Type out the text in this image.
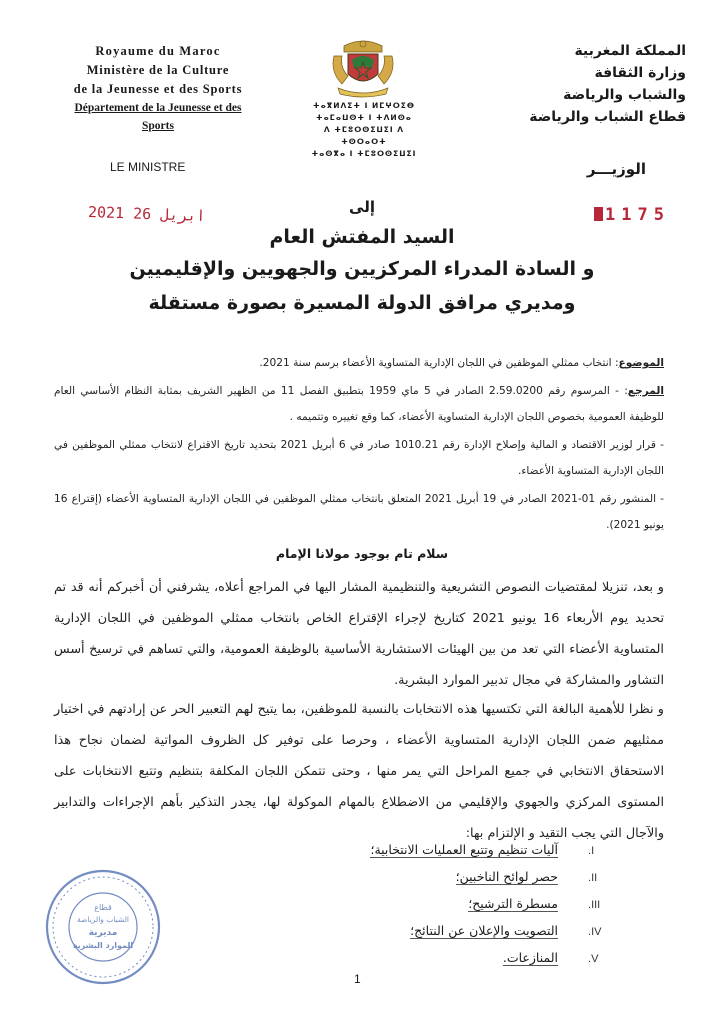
Royaume du Maroc
Ministère de la Culture
de la Jeunesse et des Sports
Département de la Jeunesse et des Sports
ⵜⴰⴳⵍⴷⵉⵜ ⵏ ⵍⵎⵖⵔⵉⴱ
ⵜⴰⵎⴰⵡⵙⵜ ⵏ ⵜⴷⵍⵙⴰ
ⴷ ⵜⵎⵓⵔⵙⵉⵡⵉⵏ ⴷ ⵜⵙⵔⴰⵔⵜ
ⵜⴰⵙⴳⴰ ⵏ ⵜⵎⵓⵔⵙⵉⵡⵉⵏ
المملكة المغربية
وزارة الثقافة
والشباب والرياضة
قطاع الشباب والرياضة
LE MINISTRE	الوزيـــر
2021 ابريل 26	1175
إلى
السيد المفتش العام
و السادة المدراء المركزيين والجهويين والإقليميين
ومديري مرافق الدولة المسيرة بصورة مستقلة
الموضوع: انتخاب ممثلي الموظفين في اللجان الإدارية المتساوية الأعضاء برسم سنة 2021.
المرجع: - المرسوم رقم 2.59.0200 الصادر في 5 ماي 1959 بتطبيق الفصل 11 من الظهير الشريف بمثابة النظام الأساسي العام للوظيفة العمومية بخصوص اللجان الإدارية المتساوية الأعضاء، كما وقع تغييره وتتميمه .
- قرار لوزير الاقتصاد و المالية وإصلاح الإدارة رقم 1010.21 صادر في 6 أبريل 2021 بتحديد تاريخ الاقتراع لانتخاب ممثلي الموظفين في اللجان الإدارية المتساوية الأعضاء.
- المنشور رقم 01-2021 الصادر في 19 أبريل 2021 المتعلق بانتخاب ممثلي الموظفين في اللجان الإدارية المتساوية الأعضاء (إقتراع 16 يونيو 2021).
سلام تام بوجود مولانا الإمام
و بعد، تنزيلا لمقتضيات النصوص التشريعية والتنظيمية المشار اليها في المراجع أعلاه، يشرفني أن أخبركم أنه قد تم تحديد يوم الأربعاء 16 يونيو 2021 كتاريخ لإجراء الإقتراع الخاص بانتخاب ممثلي الموظفين في اللجان الإدارية المتساوية الأعضاء التي تعد من بين الهيئات الاستشارية الأساسية بالوظيفة العمومية، والتي تساهم في ترسيخ أسس التشاور والمشاركة في مجال تدبير الموارد البشرية.
و نظرا للأهمية البالغة التي تكتسيها هذه الانتخابات بالنسبة للموظفين، بما يتيح لهم التعبير الحر عن إرادتهم في اختيار ممثليهم ضمن اللجان الإدارية المتساوية الأعضاء ، وحرصا على توفير كل الظروف المواتية لضمان نجاح هذا الاستحقاق الانتخابي في جميع المراحل التي يمر منها ، وحتى تتمكن اللجان المكلفة بتنظيم وتتبع الانتخابات على المستوى المركزي والجهوي والإقليمي من الاضطلاع بالمهام الموكولة لها، يجدر التذكير بأهم الإجراءات والتدابير والآجال التي يجب التقيد و الإلتزام بها:
I.آليات تنظيم وتتبع العمليات الانتخابية؛
II.حصر لوائح الناخبين؛
III.مسطرة الترشيح؛
IV.التصويت والإعلان عن النتائج؛
V.المنازعات.
قطاع
الشباب والرياضة
مديرية
الموارد البشرية
1
